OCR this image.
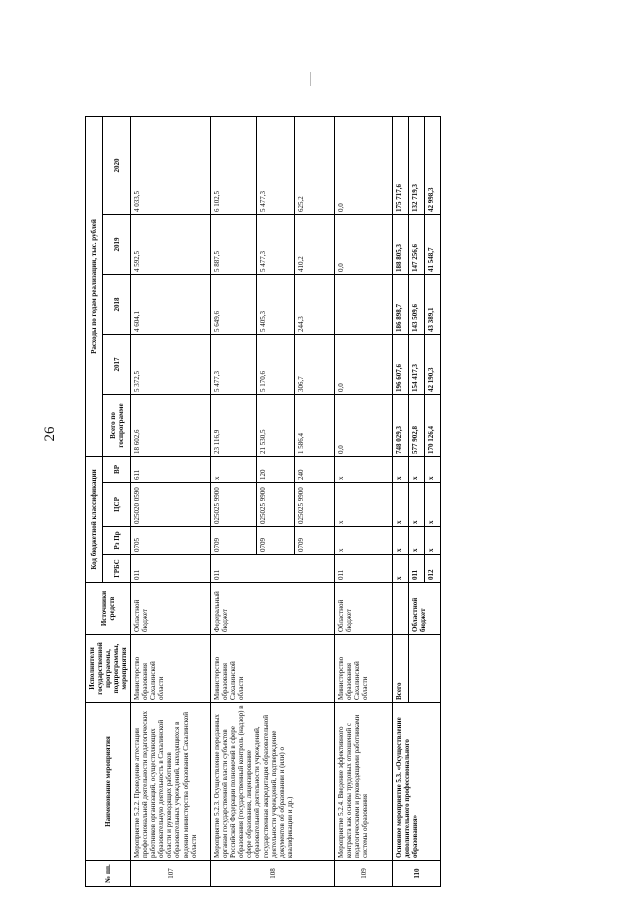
26
№ пп.	Наименование мероприятия	Исполнители государственной программы, подпрограммы, мероприятия	Источники средств	Код бюджетной классификации				Расходы по годам реализации, тыс. рублей				
				ГРБС	Рз Пр	ЦСР	ВР	Всего по госпрограмме	2017	2018	2019	2020
107	Мероприятие 5.2.2. Проведение аттестации профессиональной деятельности педагогических работников организаций, осуществляющих образовательную деятельность в Сахалинской области и руководящих работников образовательных учреждений, находящихся в ведении министерства образования Сахалинской области	Министерство образования Сахалинской области	Областной бюджет	011	0705	025020 0590	611	18 602,6	5 372,5	4 604,1	4 592,5	4 033,5
108	Мероприятие 5.2.3. Осуществление переданных органам государственной власти субъектов Российской Федерации полномочий в сфере образования (государственный контроль (надзор) в сфере образования, лицензирование образовательной деятельности учреждений, государственная аккредитация образовательной деятельности учреждений, подтверждение документов об образовании и (или) о квалификации и др.)	Министерство образования Сахалинской области	Федеральный бюджет	011	0709	025025 9900	x	23 116,9	5 477,3	5 649,6	5 887,5	6 102,5
					0709	025025 9900	120	21 530,5	5 170,6	5 405,3	5 477,3	5 477,3
					0709	025025 9900	240	1 586,4	306,7	244,3	410,2	625,2
109	Мероприятие 5.2.4. Введение эффективного контракта как основы трудовых отношений с педагогическими и руководящими работниками системы образования	Министерство образования Сахалинской области	Областной бюджет	011	x	x	x	0,0	0,0		0,0	0,0
110	Основное мероприятие 5.3. «Осуществление дополнительного профессионального образования»	Всего		x	x	x	x	748 029,3	196 607,6	186 898,7	188 805,3	175 717,6
			Областной бюджет	011	x	x	x	577 902,8	154 417,3	143 509,6	147 256,6	132 719,3
				012	x	x	x	170 126,4	42 190,3	43 389,1	41 548,7	42 998,3
